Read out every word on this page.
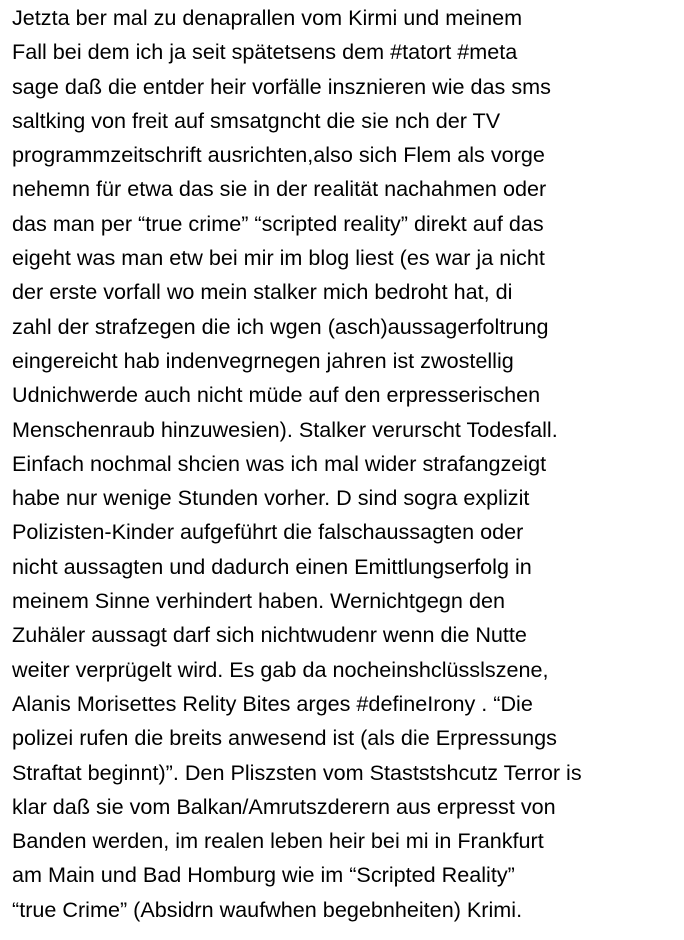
Jetzta ber mal zu denaprallen vom Kirmi und meinem
Fall bei dem ich ja seit spätetsens dem #tatort #meta
sage daß die entder heir vorfälle insznieren wie das sms
saltking von freit auf smsatgncht die sie nch der TV
programmzeitschrift ausrichten,also sich Flem als vorge
nehemn für etwa das sie in der realität nachahmen oder
das man per “true crime” “scripted reality” direkt auf das
eigeht was man etw bei mir im blog liest (es war ja nicht
der erste vorfall wo mein stalker mich bedroht hat, di
zahl der strafzegen die ich wgen (asch)aussagerfoltrung
eingereicht hab indenvegrnegen jahren ist zwostellig
Udnichwerde auch nicht müde auf den erpresserischen
Menschenraub hinzuwesien). Stalker verurscht Todesfall.
Einfach nochmal shcien was ich mal wider strafangzeigt
habe nur wenige Stunden vorher. D sind sogra explizit
Polizisten-Kinder aufgeführt die falschaussagten oder
nicht aussagten und dadurch einen Emittlungserfolg in
meinem Sinne verhindert haben. Wernichtgegn den
Zuhäler aussagt darf sich nichtwudenr wenn die Nutte
weiter verprügelt wird. Es gab da nocheinshclüsslszene,
Alanis Morisettes Relity Bites arges #defineIrony . “Die
polizei rufen die breits anwesend ist (als die Erpressungs
Straftat beginnt)”. Den Pliszsten vom Staststshcutz Terror is
klar daß sie vom Balkan/Amrutszderern aus erpresst von
Banden werden, im realen leben heir bei mi in Frankfurt
am Main und Bad Homburg wie im “Scripted Reality”
“true Crime” (Absidrn waufwhen begebnheiten) Krimi.
